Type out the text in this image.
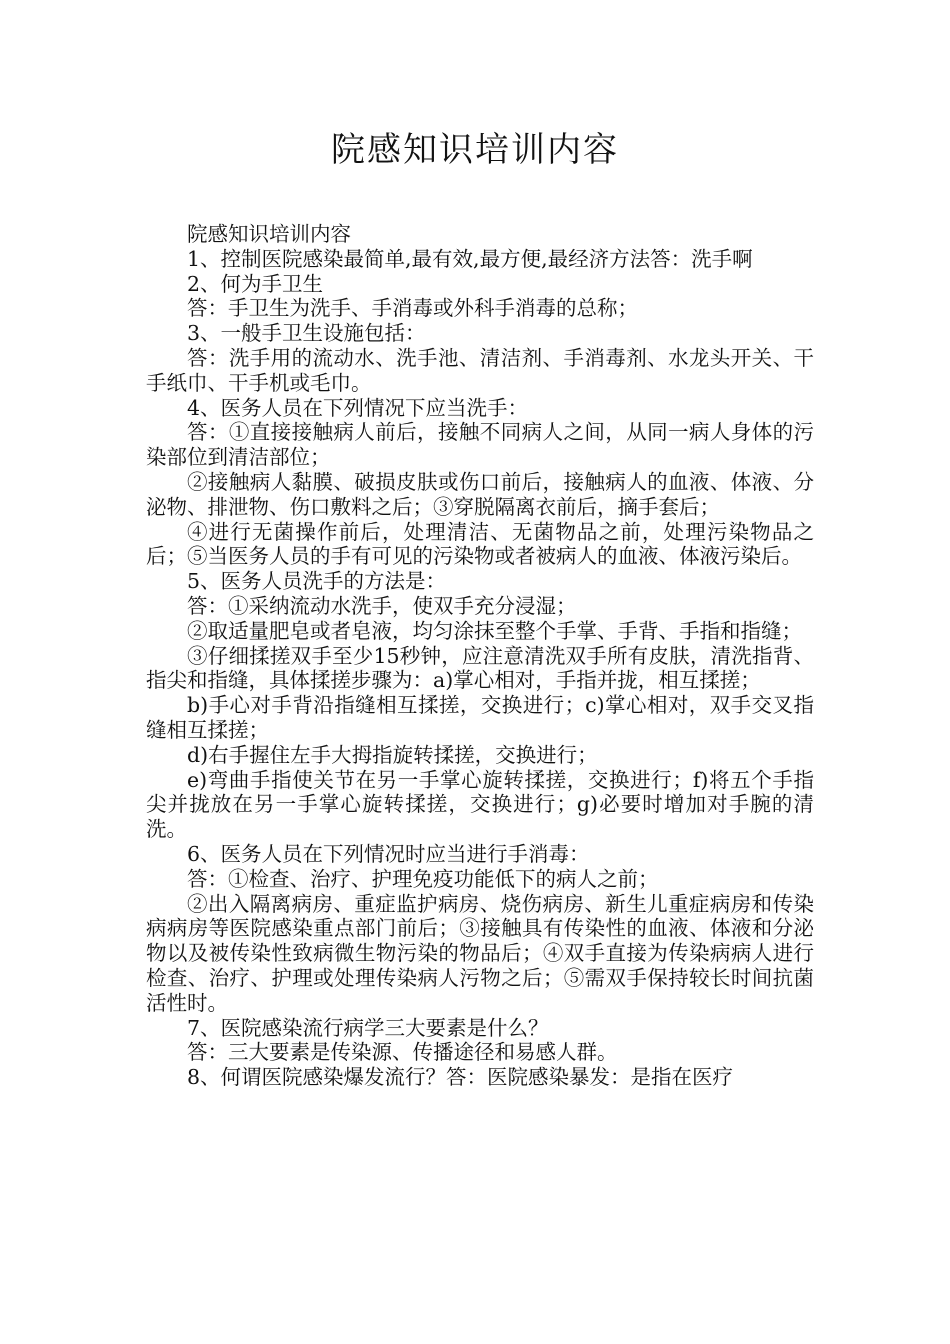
院感知识培训内容

院感知识培训内容

1、控制医院感染最简单,最有效,最方便,最经济方法答：洗手啊

2、何为手卫生

答：手卫生为洗手、手消毒或外科手消毒的总称；

3、一般手卫生设施包括：

答：洗手用的流动水、洗手池、清洁剂、手消毒剂、水龙头开关、干手纸巾、干手机或毛巾。

4、医务人员在下列情况下应当洗手：

答：①直接接触病人前后，接触不同病人之间，从同一病人身体的污染部位到清洁部位；

②接触病人黏膜、破损皮肤或伤口前后，接触病人的血液、体液、分泌物、排泄物、伤口敷料之后；③穿脱隔离衣前后，摘手套后；

④进行无菌操作前后，处理清洁、无菌物品之前，处理污染物品之后；⑤当医务人员的手有可见的污染物或者被病人的血液、体液污染后。

5、医务人员洗手的方法是：

答：①采纳流动水洗手，使双手充分浸湿；

②取适量肥皂或者皂液，均匀涂抹至整个手掌、手背、手指和指缝；

③仔细揉搓双手至少15秒钟，应注意清洗双手所有皮肤，清洗指背、指尖和指缝，具体揉搓步骤为：a)掌心相对，手指并拢，相互揉搓；

b)手心对手背沿指缝相互揉搓，交换进行；c)掌心相对，双手交叉指缝相互揉搓；

d)右手握住左手大拇指旋转揉搓，交换进行；

e)弯曲手指使关节在另一手掌心旋转揉搓，交换进行；f)将五个手指尖并拢放在另一手掌心旋转揉搓，交换进行；g)必要时增加对手腕的清洗。

6、医务人员在下列情况时应当进行手消毒：

答：①检查、治疗、护理免疫功能低下的病人之前；

②出入隔离病房、重症监护病房、烧伤病房、新生儿重症病房和传染病病房等医院感染重点部门前后；③接触具有传染性的血液、体液和分泌物以及被传染性致病微生物污染的物品后；④双手直接为传染病病人进行检查、治疗、护理或处理传染病人污物之后；⑤需双手保持较长时间抗菌活性时。

7、医院感染流行病学三大要素是什么？

答：三大要素是传染源、传播途径和易感人群。

8、何谓医院感染爆发流行？答：医院感染暴发：是指在医疗
